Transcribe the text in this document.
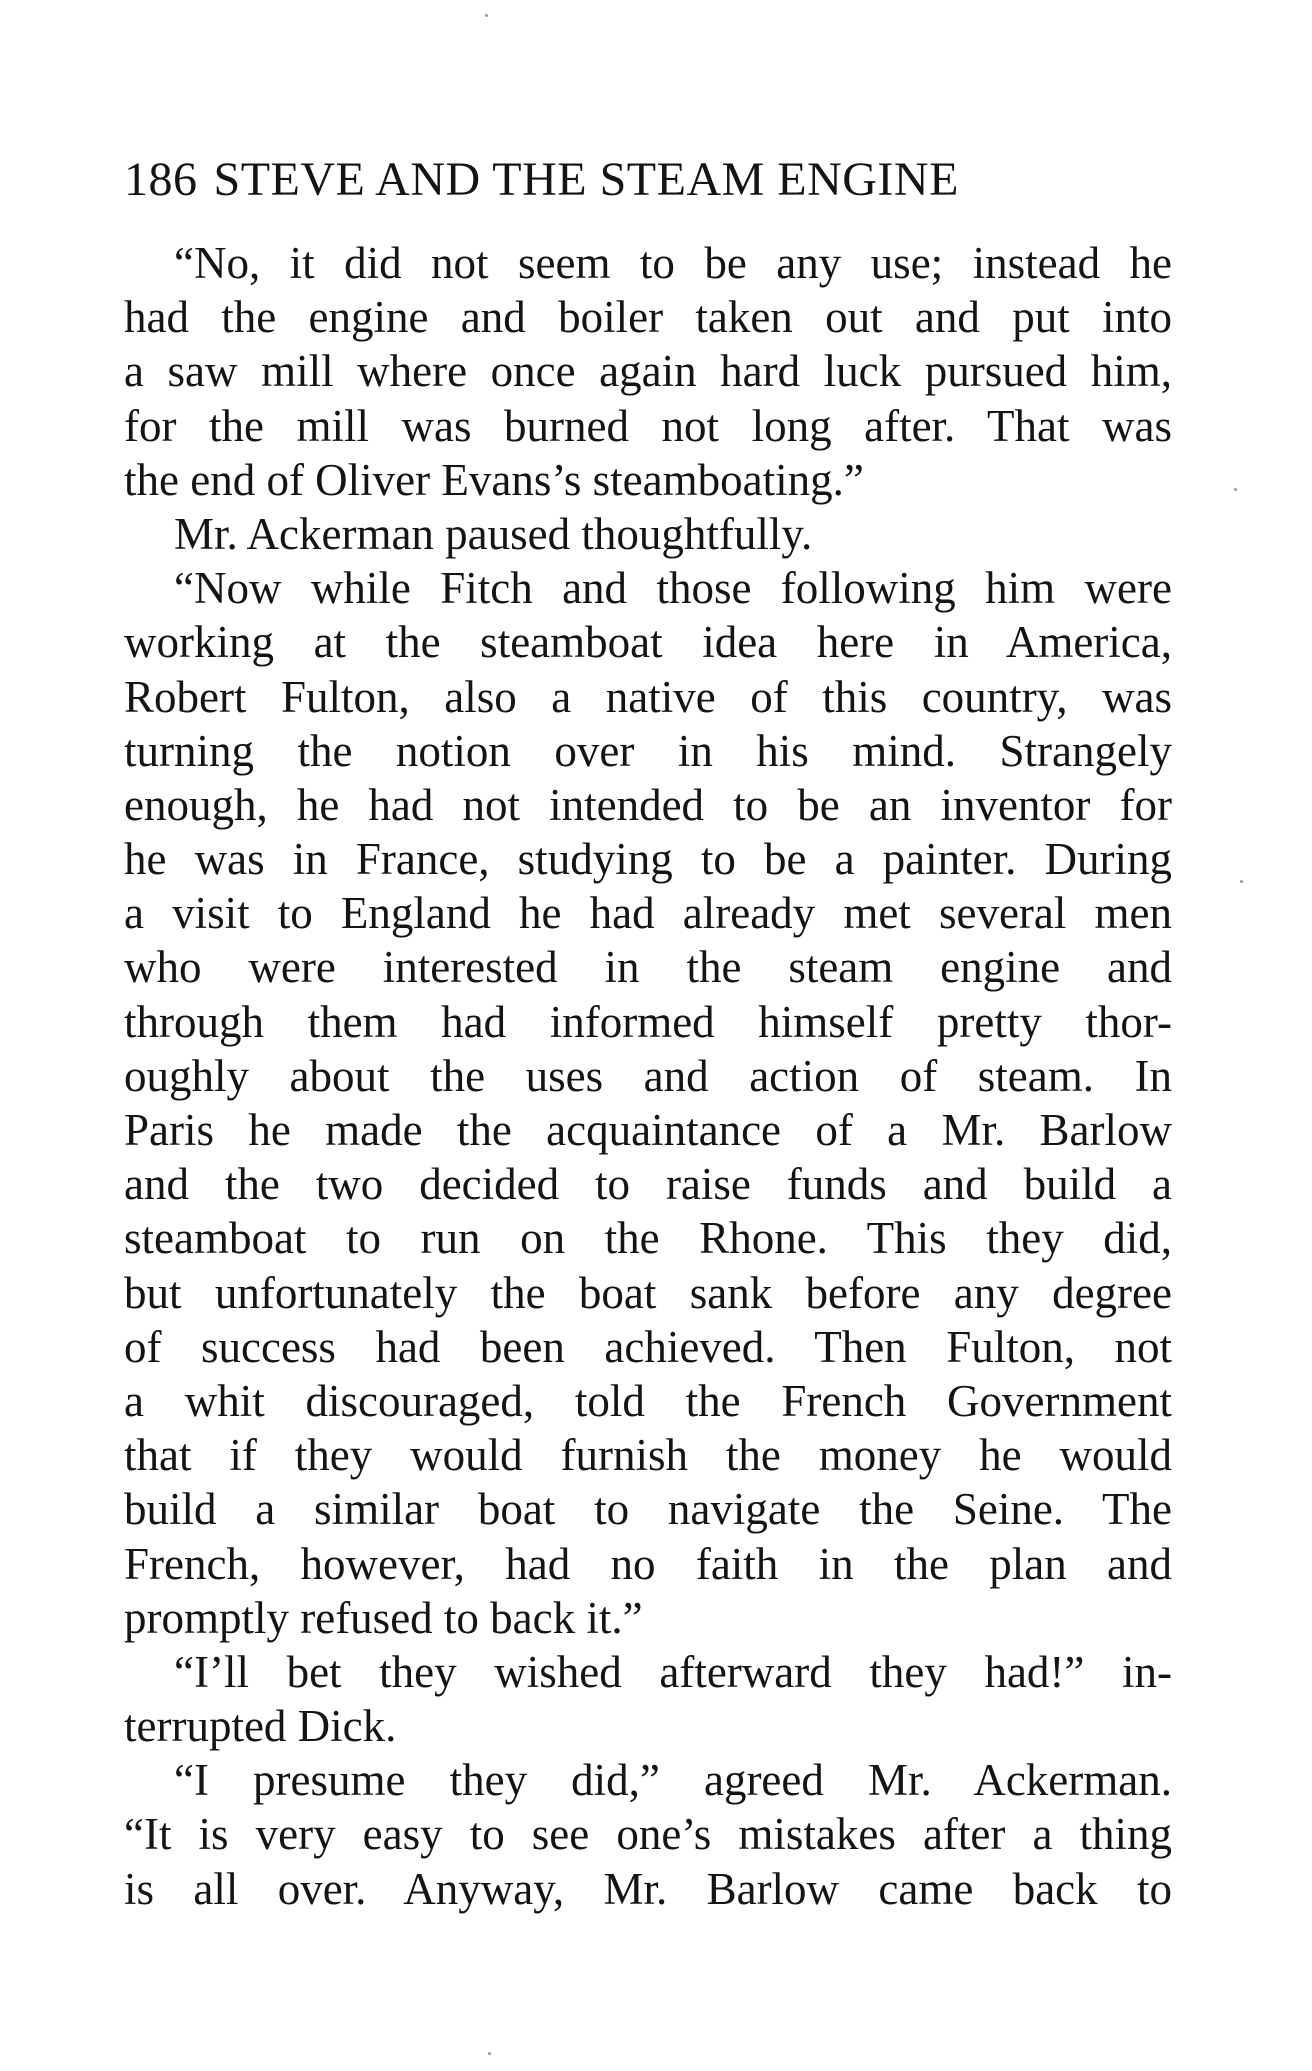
186 STEVE AND THE STEAM ENGINE
“No, it did not seem to be any use; instead he
had the engine and boiler taken out and put into
a saw mill where once again hard luck pursued him,
for the mill was burned not long after. That was
the end of Oliver Evans’s steamboating.”
Mr. Ackerman paused thoughtfully.
“Now while Fitch and those following him were
working at the steamboat idea here in America,
Robert Fulton, also a native of this country, was
turning the notion over in his mind. Strangely
enough, he had not intended to be an inventor for
he was in France, studying to be a painter. During
a visit to England he had already met several men
who were interested in the steam engine and
through them had informed himself pretty thor-
oughly about the uses and action of steam. In
Paris he made the acquaintance of a Mr. Barlow
and the two decided to raise funds and build a
steamboat to run on the Rhone. This they did,
but unfortunately the boat sank before any degree
of success had been achieved. Then Fulton, not
a whit discouraged, told the French Government
that if they would furnish the money he would
build a similar boat to navigate the Seine. The
French, however, had no faith in the plan and
promptly refused to back it.”
“I’ll bet they wished afterward they had!” in-
terrupted Dick.
“I presume they did,” agreed Mr. Ackerman.
“It is very easy to see one’s mistakes after a thing
is all over. Anyway, Mr. Barlow came back to
